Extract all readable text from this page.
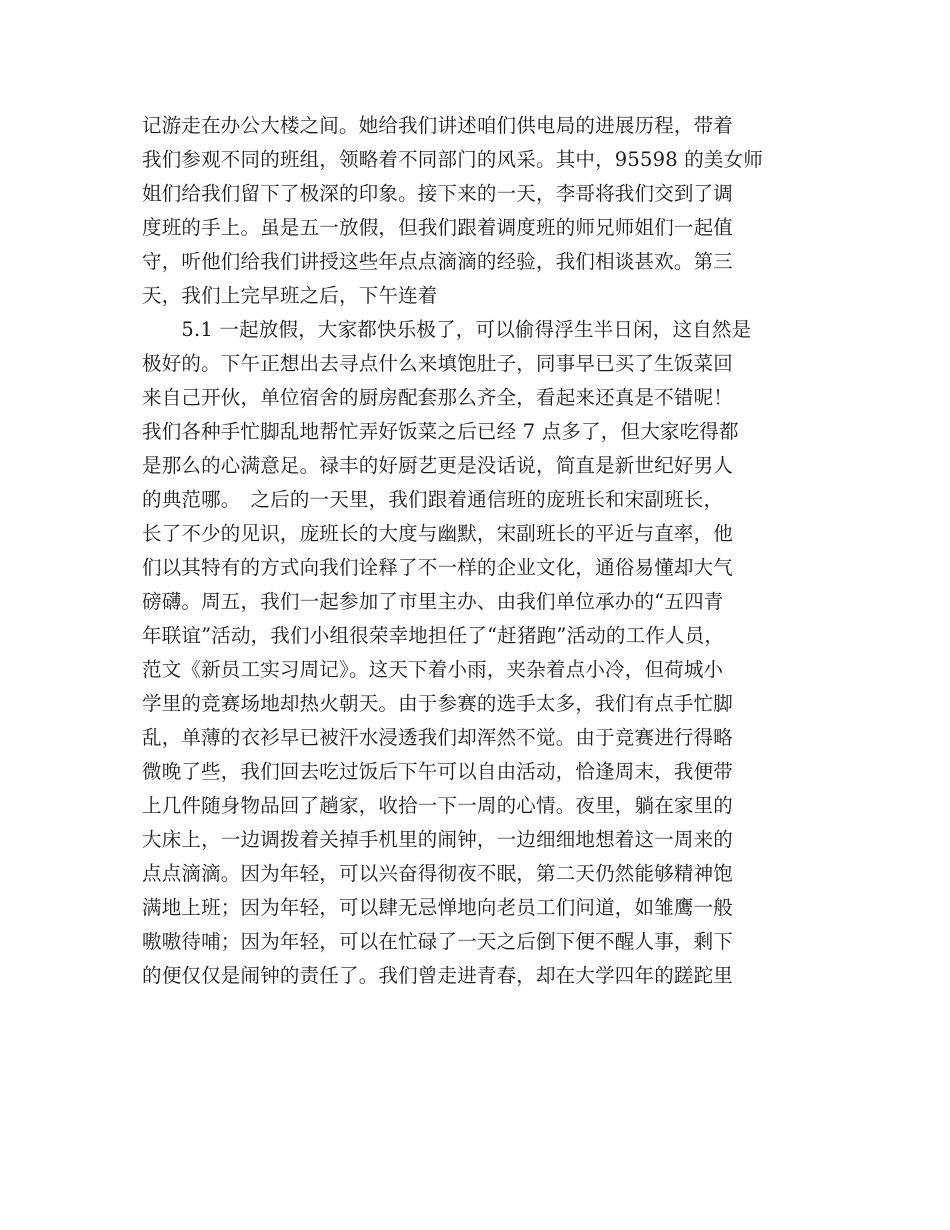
记游走在办公大楼之间。她给我们讲述咱们供电局的进展历程，带着
我们参观不同的班组，领略着不同部门的风采。其中，95598 的美女师
姐们给我们留下了极深的印象。接下来的一天，李哥将我们交到了调
度班的手上。虽是五一放假，但我们跟着调度班的师兄师姐们一起值
守，听他们给我们讲授这些年点点滴滴的经验，我们相谈甚欢。第三
天，我们上完早班之后，下午连着
　　5.1 一起放假，大家都快乐极了，可以偷得浮生半日闲，这自然是
极好的。下午正想出去寻点什么来填饱肚子，同事早已买了生饭菜回
来自己开伙，单位宿舍的厨房配套那么齐全，看起来还真是不错呢！
我们各种手忙脚乱地帮忙弄好饭菜之后已经 7 点多了，但大家吃得都
是那么的心满意足。禄丰的好厨艺更是没话说，简直是新世纪好男人
的典范哪。　之后的一天里，我们跟着通信班的庞班长和宋副班长，
长了不少的见识，庞班长的大度与幽默，宋副班长的平近与直率，他
们以其特有的方式向我们诠释了不一样的企业文化，通俗易懂却大气
磅礴。周五，我们一起参加了市里主办、由我们单位承办的“五四青
年联谊”活动，我们小组很荣幸地担任了“赶猪跑”活动的工作人员，
范文《新员工实习周记》。这天下着小雨，夹杂着点小冷，但荷城小
学里的竞赛场地却热火朝天。由于参赛的选手太多，我们有点手忙脚
乱，单薄的衣衫早已被汗水浸透我们却浑然不觉。由于竞赛进行得略
微晚了些，我们回去吃过饭后下午可以自由活动，恰逢周末，我便带
上几件随身物品回了趟家，收拾一下一周的心情。夜里，躺在家里的
大床上，一边调拨着关掉手机里的闹钟，一边细细地想着这一周来的
点点滴滴。因为年轻，可以兴奋得彻夜不眠，第二天仍然能够精神饱
满地上班；因为年轻，可以肆无忌惮地向老员工们问道，如雏鹰一般
嗷嗷待哺；因为年轻，可以在忙碌了一天之后倒下便不醒人事，剩下
的便仅仅是闹钟的责任了。我们曾走进青春，却在大学四年的蹉跎里
